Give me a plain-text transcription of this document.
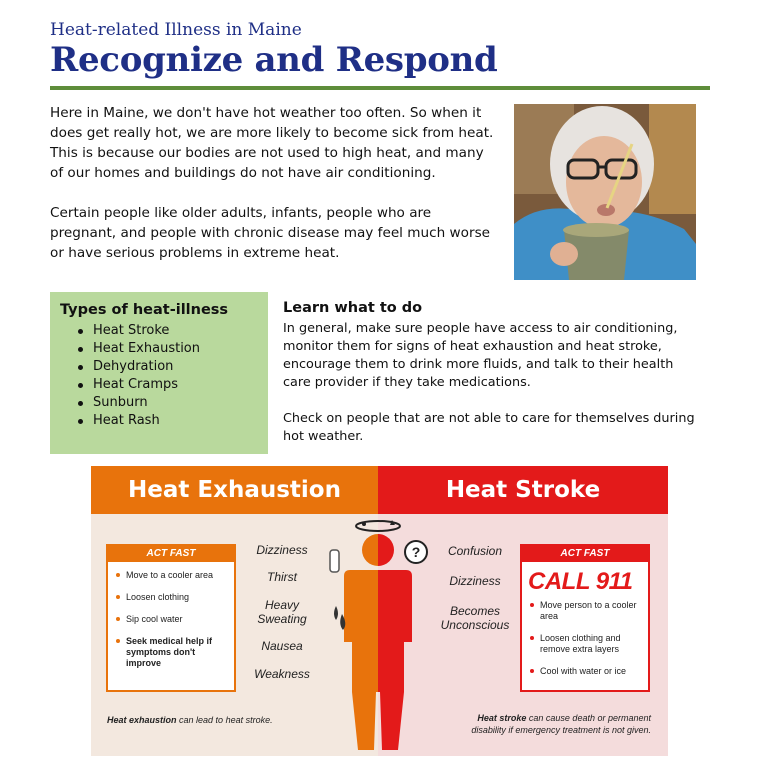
Heat-related Illness in Maine
Recognize and Respond

Here in Maine, we don't have hot weather too often. So when it does get really hot, we are more likely to become sick from heat. This is because our bodies are not used to high heat, and many of our homes and buildings do not have air conditioning.

Certain people like older adults, infants, people who are pregnant, and people with chronic disease may feel much worse or have serious problems in extreme heat.

Types of heat-illness
Heat Stroke
Heat Exhaustion
Dehydration
Heat Cramps
Sunburn
Heat Rash
Learn what to do

In general, make sure people have access to air conditioning, monitor them for signs of heat exhaustion and heat stroke, encourage them to drink more fluids, and talk to their health care provider if they take medications.

Check on people that are not able to care for themselves during hot weather.

Heat Exhaustion	Heat Stroke
ACT FAST
Move to a cooler area
Loosen clothing
Sip cool water
Seek medical help if symptoms don't improve
ACT FAST
CALL 911
Move person to a cooler area
Loosen clothing and remove extra layers
Cool with water or ice
Dizziness
Thirst
Heavy Sweating
Nausea
Weakness
Confusion
Dizziness
Becomes Unconscious
?
Heat exhaustion can lead to heat stroke.	Heat stroke can cause death or permanent disability if emergency treatment is not given.
